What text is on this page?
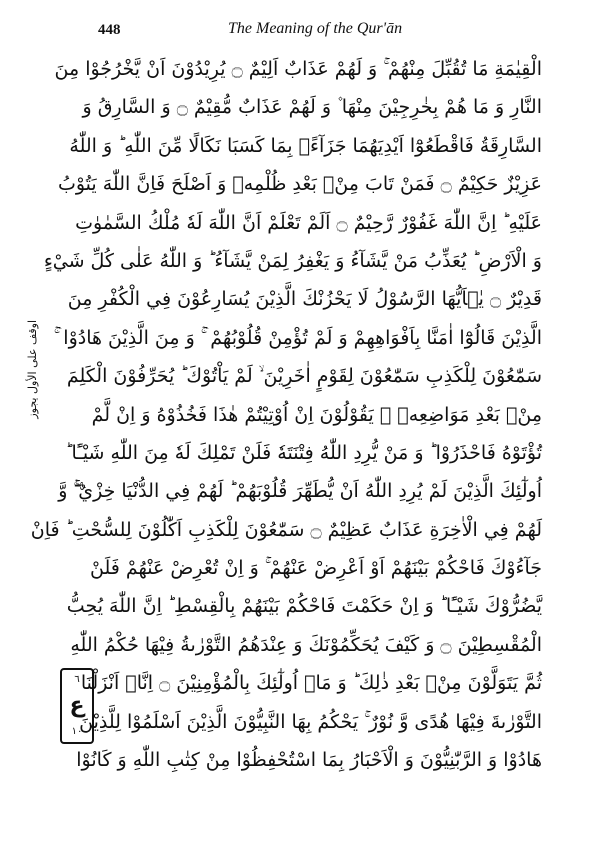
448	The Meaning of the Qur'ān
اوقف على الأول يجوز
٦
ع
١٠
الْقِيٰمَةِ مَا تُقُبِّلَ مِنْهُمْ ۚ وَ لَهُمْ عَذَابٌ اَلِيْمٌ ۝ يُرِيْدُوْنَ اَنْ يَّخْرُجُوْا مِنَ
النَّارِ وَ مَا هُمْ بِخٰرِجِيْنَ مِنْهَا ۫ وَ لَهُمْ عَذَابٌ مُّقِيْمٌ ۝ وَ السَّارِقُ وَ
السَّارِقَةُ فَاقْطَعُوْٓا اَيْدِيَهُمَا جَزَآءًۢ بِمَا كَسَبَا نَكَالًا مِّنَ اللّٰهِ ؕ وَ اللّٰهُ
عَزِيْزٌ حَكِيْمٌ ۝ فَمَنْ تَابَ مِنْۢ بَعْدِ ظُلْمِهٖ وَ اَصْلَحَ فَاِنَّ اللّٰهَ يَتُوْبُ
عَلَيْهِ ؕ اِنَّ اللّٰهَ غَفُوْرٌ رَّحِيْمٌ ۝ اَلَمْ تَعْلَمْ اَنَّ اللّٰهَ لَهٗ مُلْكُ السَّمٰوٰتِ
وَ الْاَرْضِ ؕ يُعَذِّبُ مَنْ يَّشَآءُ وَ يَغْفِرُ لِمَنْ يَّشَآءُ ؕ وَ اللّٰهُ عَلٰى كُلِّ شَيْءٍ
قَدِيْرٌ ۝ يٰۤاَيُّهَا الرَّسُوْلُ لَا يَحْزُنْكَ الَّذِيْنَ يُسَارِعُوْنَ فِي الْكُفْرِ مِنَ
الَّذِيْنَ قَالُوْٓا اٰمَنَّا بِاَفْوَاهِهِمْ وَ لَمْ تُؤْمِنْ قُلُوْبُهُمْ ۛ ۚ وَ مِنَ الَّذِيْنَ هَادُوْا ۛ ۚ
سَمّٰعُوْنَ لِلْكَذِبِ سَمّٰعُوْنَ لِقَوْمٍ اٰخَرِيْنَ ۙ لَمْ يَاْتُوْكَ ؕ يُحَرِّفُوْنَ الْكَلِمَ
مِنْۢ بَعْدِ مَوَاضِعِهٖ ۚ يَقُوْلُوْنَ اِنْ اُوْتِيْتُمْ هٰذَا فَخُذُوْهُ وَ اِنْ لَّمْ
تُؤْتَوْهُ فَاحْذَرُوْا ؕ وَ مَنْ يُّرِدِ اللّٰهُ فِتْنَتَهٗ فَلَنْ تَمْلِكَ لَهٗ مِنَ اللّٰهِ شَيْـًٔا ؕ
اُولٰٓئِكَ الَّذِيْنَ لَمْ يُرِدِ اللّٰهُ اَنْ يُّطَهِّرَ قُلُوْبَهُمْ ؕ لَهُمْ فِي الدُّنْيَا خِزْيٌ ۖۚ وَّ
لَهُمْ فِي الْاٰخِرَةِ عَذَابٌ عَظِيْمٌ ۝ سَمّٰعُوْنَ لِلْكَذِبِ اَكّٰلُوْنَ لِلسُّحْتِ ؕ فَاِنْ
جَآءُوْكَ فَاحْكُمْ بَيْنَهُمْ اَوْ اَعْرِضْ عَنْهُمْ ۚ وَ اِنْ تُعْرِضْ عَنْهُمْ فَلَنْ
يَّضُرُّوْكَ شَيْـًٔا ؕ وَ اِنْ حَكَمْتَ فَاحْكُمْ بَيْنَهُمْ بِالْقِسْطِ ؕ اِنَّ اللّٰهَ يُحِبُّ
الْمُقْسِطِيْنَ ۝ وَ كَيْفَ يُحَكِّمُوْنَكَ وَ عِنْدَهُمُ التَّوْرٰىةُ فِيْهَا حُكْمُ اللّٰهِ
ثُمَّ يَتَوَلَّوْنَ مِنْۢ بَعْدِ ذٰلِكَ ؕ وَ مَاۤ اُولٰٓئِكَ بِالْمُؤْمِنِيْنَ ۝ اِنَّاۤ اَنْزَلْنَا
التَّوْرٰىةَ فِيْهَا هُدًى وَّ نُوْرٌ ۚ يَحْكُمُ بِهَا النَّبِيُّوْنَ الَّذِيْنَ اَسْلَمُوْا لِلَّذِيْنَ
هَادُوْا وَ الرَّبّٰنِيُّوْنَ وَ الْاَحْبَارُ بِمَا اسْتُحْفِظُوْا مِنْ كِتٰبِ اللّٰهِ وَ كَانُوْا
